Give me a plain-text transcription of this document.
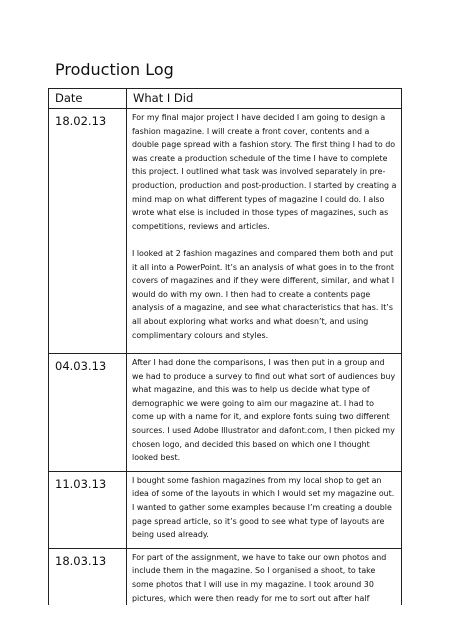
Production Log
Date	What I Did
18.02.13	For my final major project I have decided I am going to design a fashion magazine. I will create a front cover, contents and a double page spread with a fashion story. The first thing I had to do was create a production schedule of the time I have to complete this project. I outlined what task was involved separately in pre-production, production and post-production. I started by creating a mind map on what different types of magazine I could do. I also wrote what else is included in those types of magazines, such as competitions, reviews and articles.

I looked at 2 fashion magazines and compared them both and put it all into a PowerPoint. It’s an analysis of what goes in to the front covers of magazines and if they were different, similar, and what I would do with my own. I then had to create a contents page analysis of a magazine, and see what characteristics that has. It’s all about exploring what works and what doesn’t, and using complimentary colours and styles.

04.03.13	After I had done the comparisons, I was then put in a group and we had to produce a survey to find out what sort of audiences buy what magazine, and this was to help us decide what type of demographic we were going to aim our magazine at. I had to come up with a name for it, and explore fonts suing two different sources. I used Adobe Illustrator and dafont.com, I then picked my chosen logo, and decided this based on which one I thought looked best.

11.03.13	I bought some fashion magazines from my local shop to get an idea of some of the layouts in which I would set my magazine out. I wanted to gather some examples because I’m creating a double page spread article, so it’s good to see what type of layouts are being used already.

18.03.13	For part of the assignment, we have to take our own photos and include them in the magazine. So I organised a shoot, to take some photos that I will use in my magazine. I took around 30 pictures, which were then ready for me to sort out after half
